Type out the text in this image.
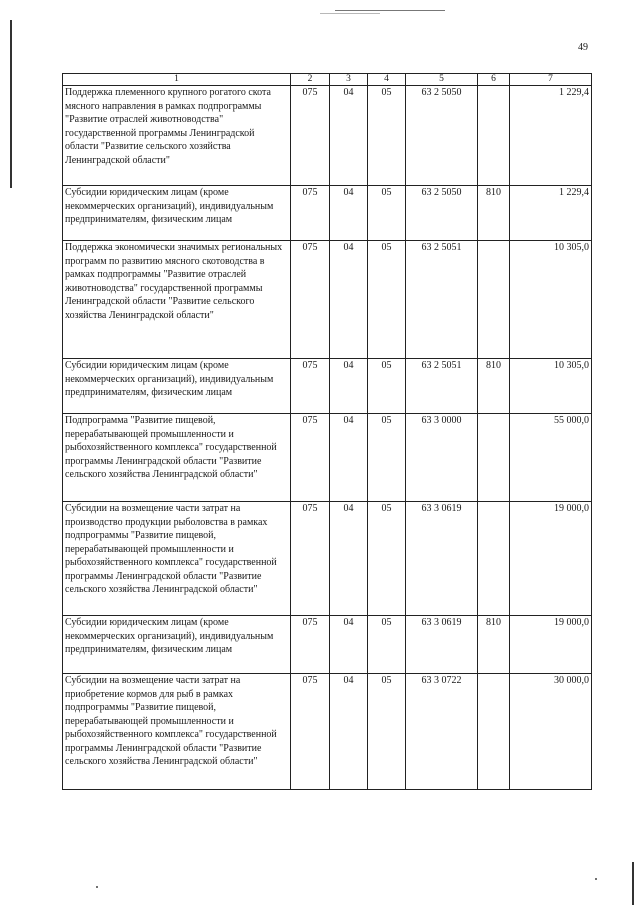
49
1	2	3	4	5	6	7
Поддержка племенного крупного рогатого скота мясного направления в рамках подпрограммы "Развитие отраслей животноводства" государственной программы Ленинградской области "Развитие сельского хозяйства Ленинградской области"	075	04	05	63 2 5050		1 229,4
Субсидии юридическим лицам (кроме некоммерческих организаций), индивидуальным предпринимателям, физическим лицам	075	04	05	63 2 5050	810	1 229,4
Поддержка экономически значимых региональных программ по развитию мясного скотоводства в рамках подпрограммы "Развитие отраслей животноводства" государственной программы Ленинградской области "Развитие сельского хозяйства Ленинградской области"	075	04	05	63 2 5051		10 305,0
Субсидии юридическим лицам (кроме некоммерческих организаций), индивидуальным предпринимателям, физическим лицам	075	04	05	63 2 5051	810	10 305,0
Подпрограмма "Развитие пищевой, перерабатывающей промышленности и рыбохозяйственного комплекса" государственной программы Ленинградской области "Развитие сельского хозяйства Ленинградской области"	075	04	05	63 3 0000		55 000,0
Субсидии на возмещение части затрат на производство продукции рыболовства в рамках подпрограммы "Развитие пищевой, перерабатывающей промышленности и рыбохозяйственного комплекса" государственной программы Ленинградской области "Развитие сельского хозяйства Ленинградской области"	075	04	05	63 3 0619		19 000,0
Субсидии юридическим лицам (кроме некоммерческих организаций), индивидуальным предпринимателям, физическим лицам	075	04	05	63 3 0619	810	19 000,0
Субсидии на возмещение части затрат на приобретение кормов для рыб в рамках подпрограммы "Развитие пищевой, перерабатывающей промышленности и рыбохозяйственного комплекса" государственной программы Ленинградской области "Развитие сельского хозяйства Ленинградской области"	075	04	05	63 3 0722		30 000,0
